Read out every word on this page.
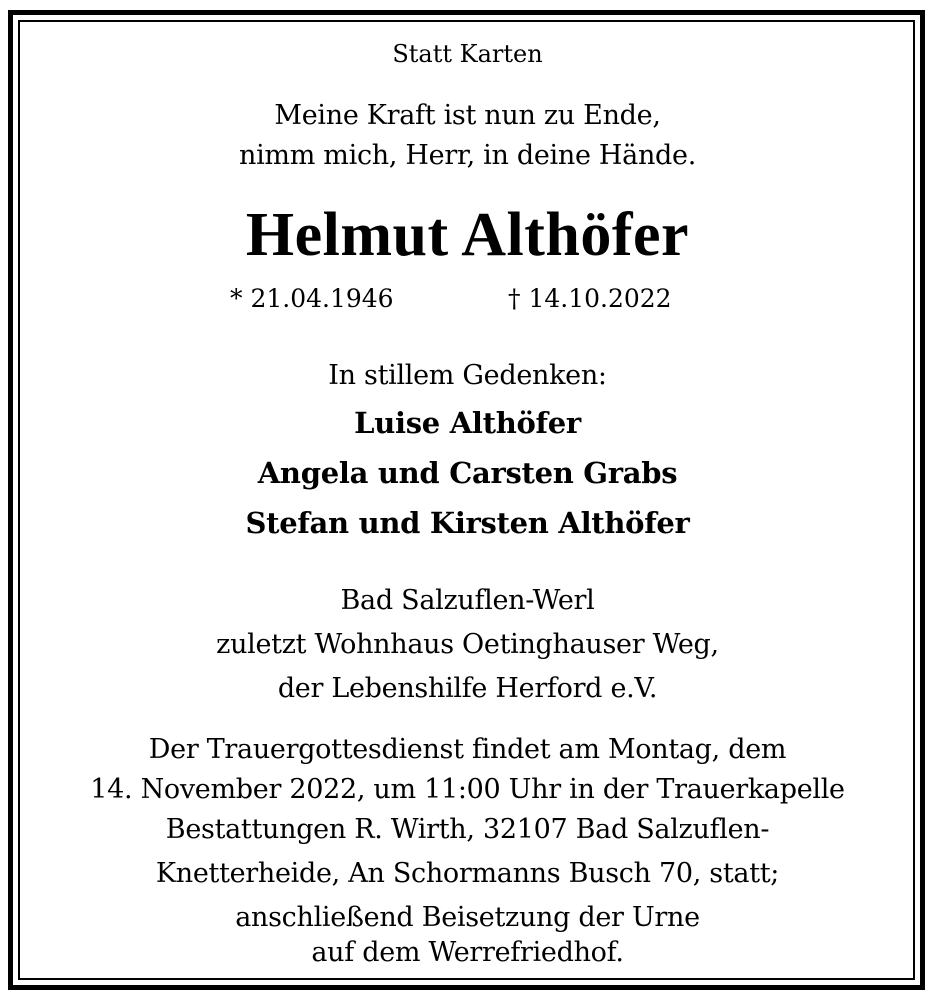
Statt Karten
Meine Kraft ist nun zu Ende,
nimm mich, Herr, in deine Hände.
Helmut Althöfer
* 21.04.1946	† 14.10.2022
In stillem Gedenken:
Luise Althöfer
Angela und Carsten Grabs
Stefan und Kirsten Althöfer
Bad Salzuflen-Werl
zuletzt Wohnhaus Oetinghauser Weg,
der Lebenshilfe Herford e.V.
Der Trauergottesdienst findet am Montag, dem
14. November 2022, um 11:00 Uhr in der Trauerkapelle
Bestattungen R. Wirth, 32107 Bad Salzuflen-
Knetterheide, An Schormanns Busch 70, statt;
anschließend Beisetzung der Urne
auf dem Werrefriedhof.
